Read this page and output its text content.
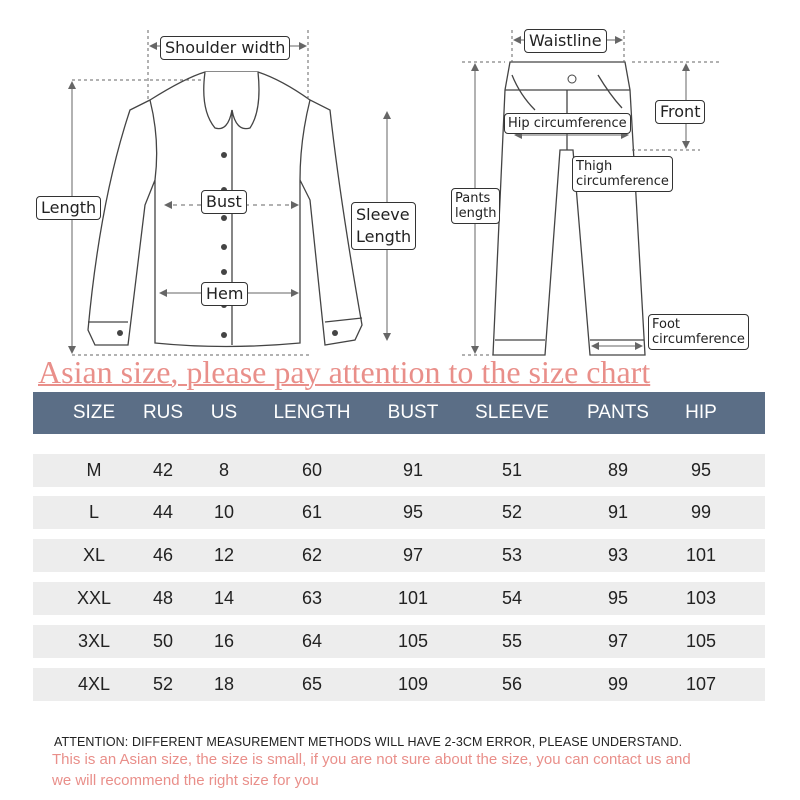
Shoulder width
Length	Bust
Sleeve
Length
Hem
Waistline
Front
Hip circumference
Thigh
circumference
Pants
length
Foot
circumference
Asian size, please pay attention to the size chart
SIZE RUS US LENGTH BUST SLEEVE PANTS HIP
M	42	8	60	91	51	89	95
L	44 10	61	95	52	91	99
XL	46 12	62	97	53	93	101
XXL 48 14	63	101	54	95	103
3XL 50 16	64	105	55	97	105
4XL 52 18	65	109	56	99	107
ATTENTION: DIFFERENT MEASUREMENT METHODS WILL HAVE 2-3CM ERROR, PLEASE UNDERSTAND.
This is an Asian size, the size is small, if you are not sure about the size, you can contact us and
we will recommend the right size for you
